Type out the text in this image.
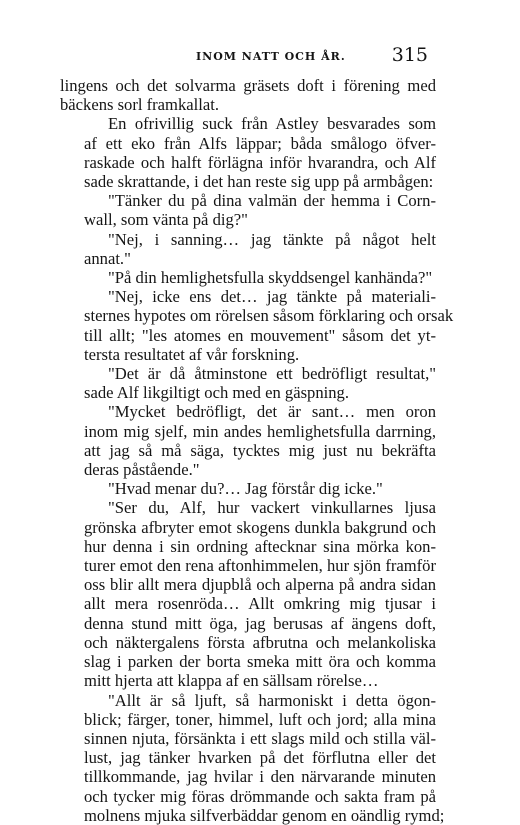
INOM NATT OCH ÅR. 315
lingens och det solvarma gräsets doft i förening med
bäckens sorl framkallat.
En ofrivillig suck från Astley besvarades som
af ett eko från Alfs läppar; båda smålogo öfver-
raskade och halft förlägna inför hvarandra, och Alf
sade skrattande, i det han reste sig upp på armbågen:
"Tänker du på dina valmän der hemma i Corn-
wall, som vänta på dig?"
"Nej, i sanning… jag tänkte på något helt
annat."
"På din hemlighetsfulla skyddsengel kanhända?"
"Nej, icke ens det… jag tänkte på materiali-
sternes hypotes om rörelsen såsom förklaring och orsak
till allt; "les atomes en mouvement" såsom det yt-
tersta resultatet af vår forskning.
"Det är då åtminstone ett bedröfligt resultat,"
sade Alf likgiltigt och med en gäspning.
"Mycket bedröfligt, det är sant… men oron
inom mig sjelf, min andes hemlighetsfulla darrning,
att jag så må säga, tycktes mig just nu bekräfta
deras påstående."
"Hvad menar du?… Jag förstår dig icke."
"Ser du, Alf, hur vackert vinkullarnes ljusa
grönska afbryter emot skogens dunkla bakgrund och
hur denna i sin ordning aftecknar sina mörka kon-
turer emot den rena aftonhimmelen, hur sjön framför
oss blir allt mera djupblå och alperna på andra sidan
allt mera rosenröda… Allt omkring mig tjusar i
denna stund mitt öga, jag berusas af ängens doft,
och näktergalens första afbrutna och melankoliska
slag i parken der borta smeka mitt öra och komma
mitt hjerta att klappa af en sällsam rörelse…
"Allt är så ljuft, så harmoniskt i detta ögon-
blick; färger, toner, himmel, luft och jord; alla mina
sinnen njuta, försänkta i ett slags mild och stilla väl-
lust, jag tänker hvarken på det förflutna eller det
tillkommande, jag hvilar i den närvarande minuten
och tycker mig föras drömmande och sakta fram på
molnens mjuka silfverbäddar genom en oändlig rymd;
